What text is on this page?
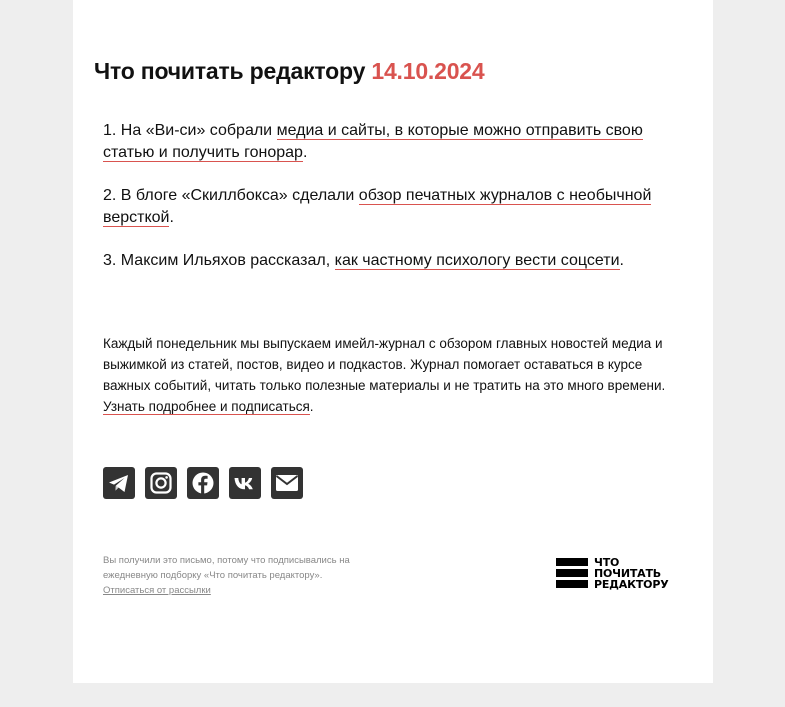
Что почитать редактору 14.10.2024

1. На «Ви-си» собрали медиа и сайты, в которые можно отправить свою статью и получить гонорар.

2. В блоге «Скиллбокса» сделали обзор печатных журналов с необычной версткой.

3. Максим Ильяхов рассказал, как частному психологу вести соцсети.

Каждый понедельник мы выпускаем имейл-журнал с обзором главных новостей медиа и выжимкой из статей, постов, видео и подкастов. Журнал помогает оставаться в курсе важных событий, читать только полезные материалы и не тратить на это много времени. Узнать подробнее и подписаться.

Вы получили это письмо, потому что подписывались на ежедневную подборку «Что почитать редактору».
Отписаться от рассылки

ЧТО
ПОЧИТАТЬ
РЕДАКТОРУ
